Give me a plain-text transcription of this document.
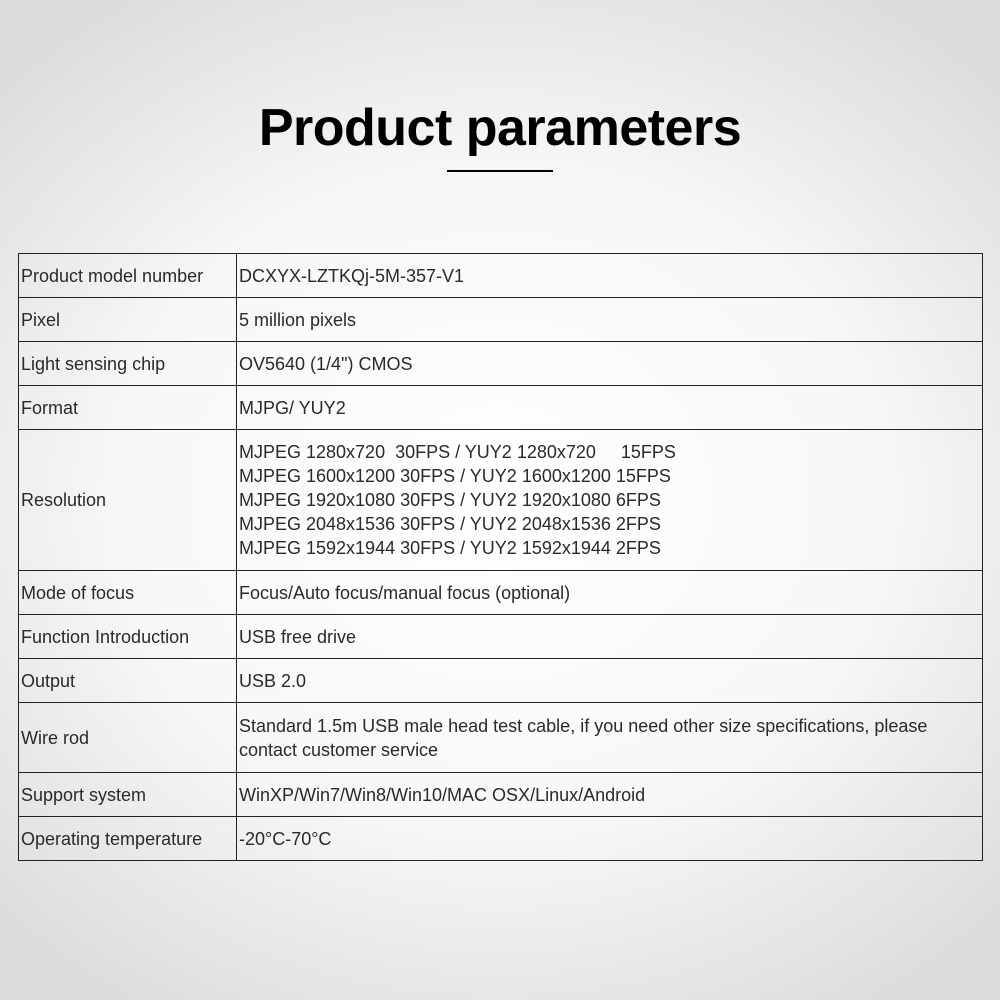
Product parameters
Product model number	DCXYX-LZTKQj-5M-357-V1
Pixel	5 million pixels
Light sensing chip	OV5640 (1/4") CMOS
Format	MJPG/ YUY2
Resolution	MJPEG 1280x720  30FPS / YUY2 1280x720     15FPS
MJPEG 1600x1200 30FPS / YUY2 1600x1200 15FPS
MJPEG 1920x1080 30FPS / YUY2 1920x1080 6FPS
MJPEG 2048x1536 30FPS / YUY2 2048x1536 2FPS
MJPEG 1592x1944 30FPS / YUY2 1592x1944 2FPS

Mode of focus	Focus/Auto focus/manual focus (optional)
Function Introduction	USB free drive
Output	USB 2.0
Wire rod	Standard 1.5m USB male head test cable, if you need other size specifications, please contact customer service
Support system	WinXP/Win7/Win8/Win10/MAC OSX/Linux/Android
Operating temperature	-20°C-70°C
